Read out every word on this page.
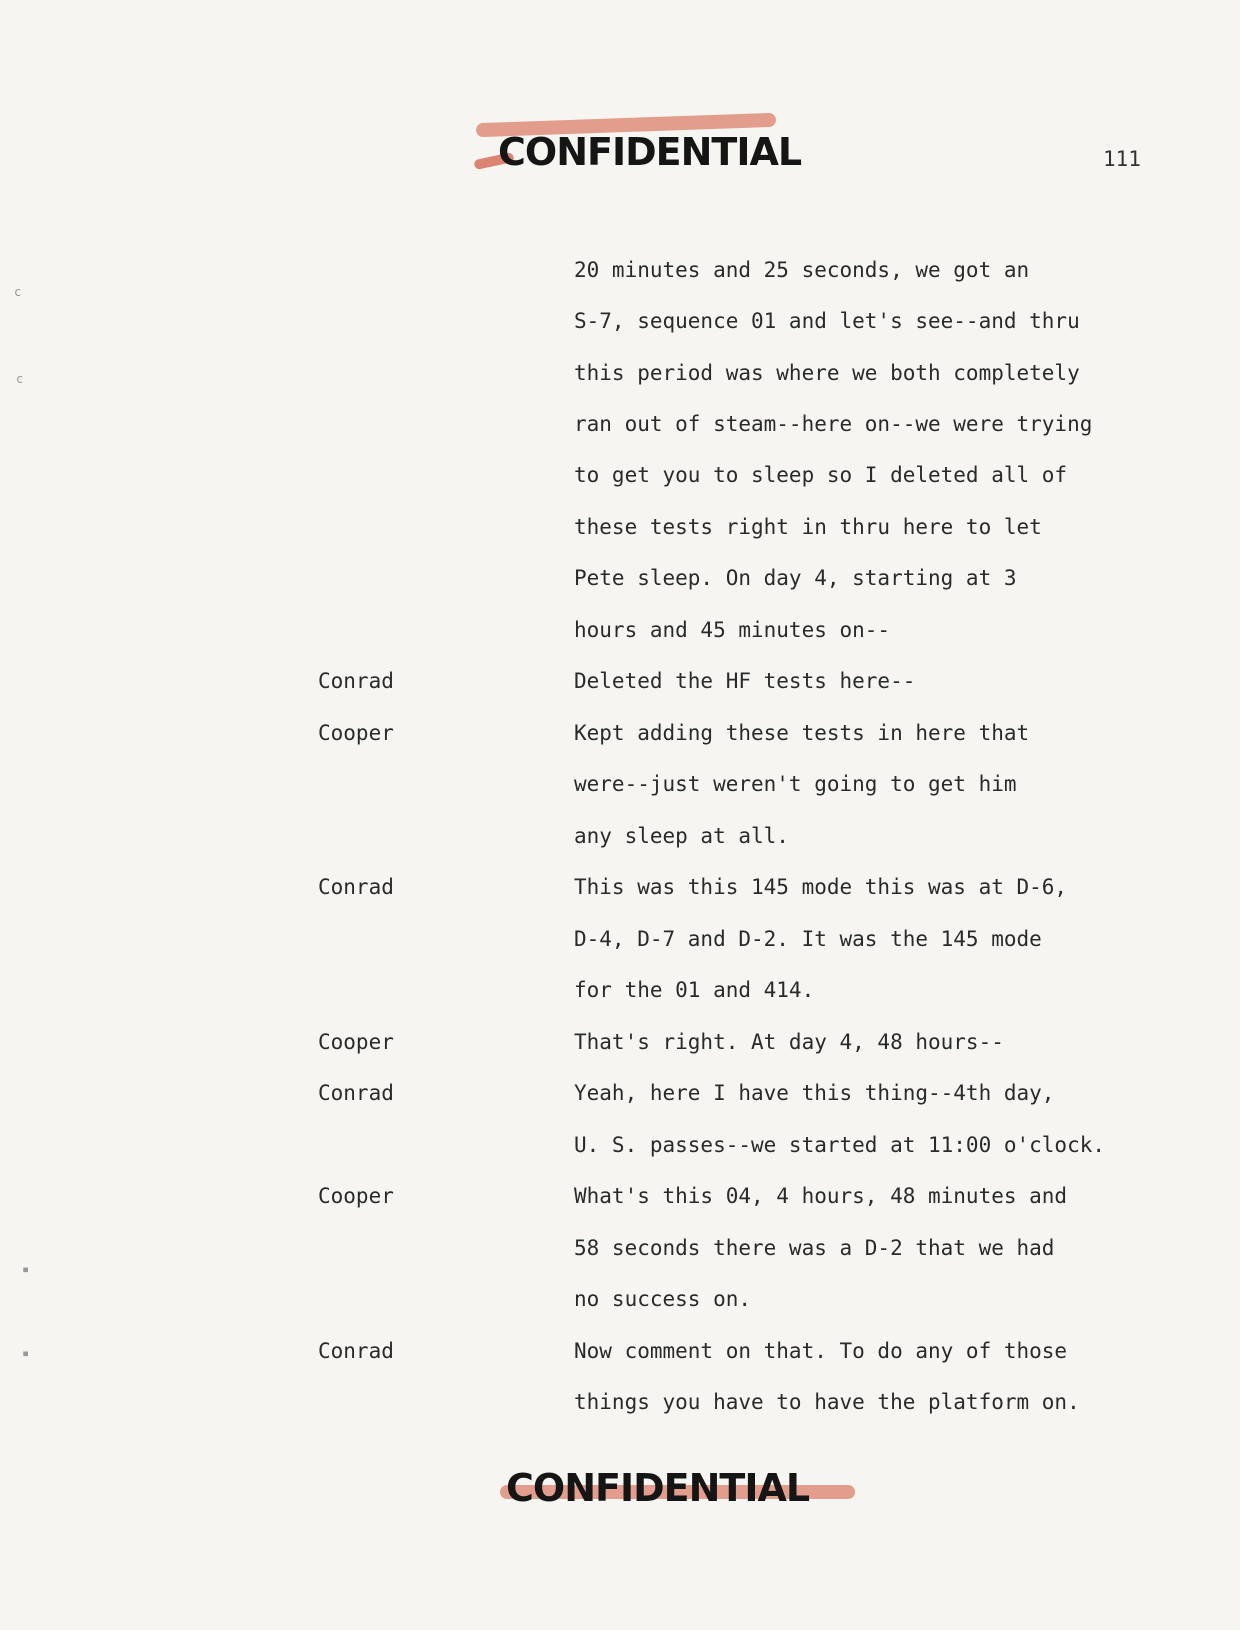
CONFIDENTIAL	111
c
c
▪
▪
20 minutes and 25 seconds, we got an
S-7, sequence 01 and let's see--and thru
this period was where we both completely
ran out of steam--here on--we were trying
to get you to sleep so I deleted all of
these tests right in thru here to let
Pete sleep. On day 4, starting at 3
hours and 45 minutes on--
Conrad	Deleted the HF tests here--
Cooper	Kept adding these tests in here that
were--just weren't going to get him
any sleep at all.
Conrad	This was this 145 mode this was at D-6,
D-4, D-7 and D-2. It was the 145 mode
for the 01 and 414.
Cooper	That's right. At day 4, 48 hours--
Conrad	Yeah, here I have this thing--4th day,
U. S. passes--we started at 11:00 o'clock.
Cooper	What's this 04, 4 hours, 48 minutes and
58 seconds there was a D-2 that we had
no success on.
Conrad	Now comment on that. To do any of those
things you have to have the platform on.
CONFIDENTIAL
